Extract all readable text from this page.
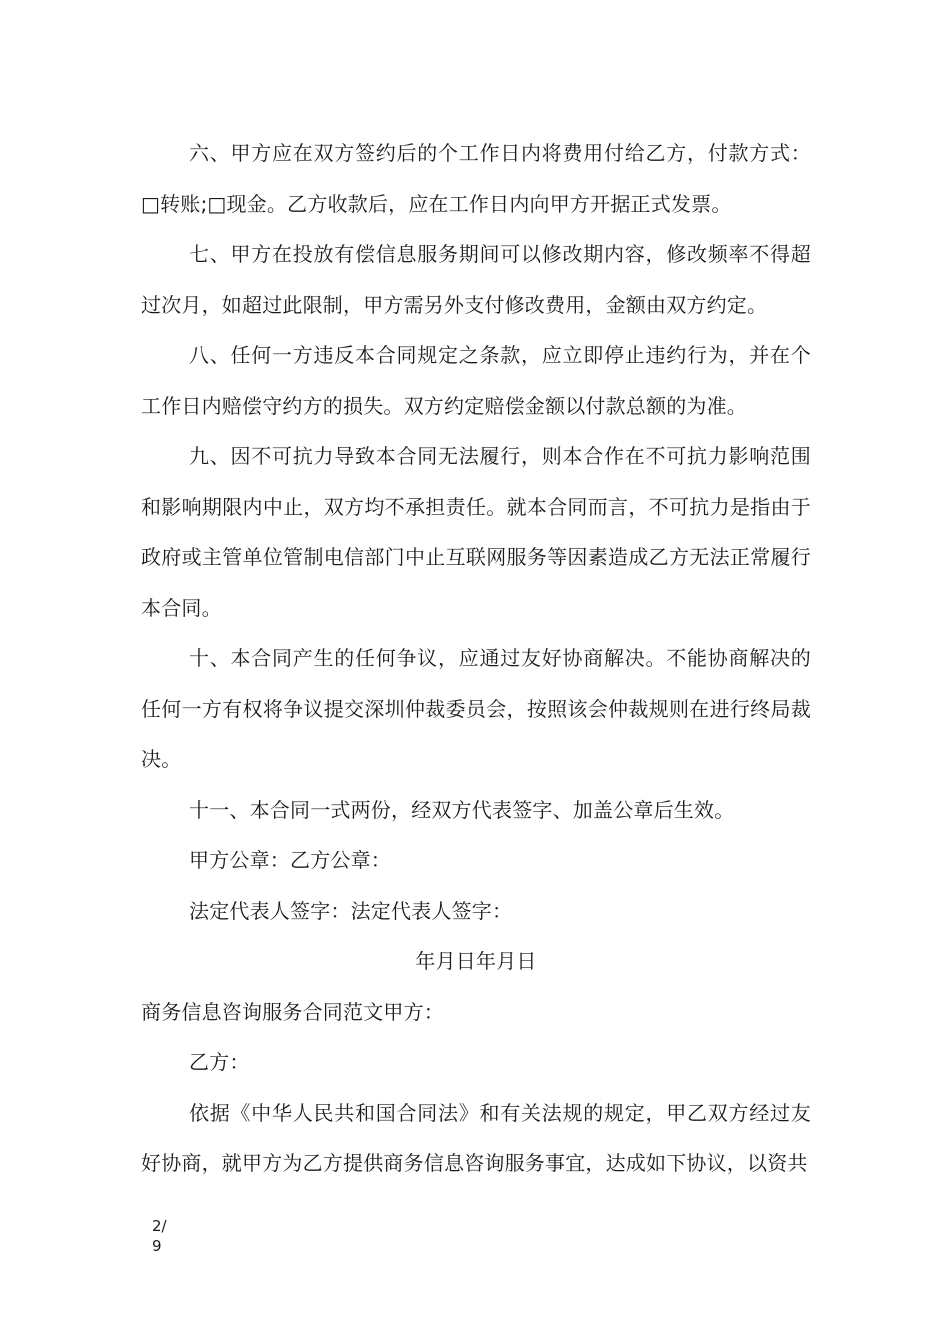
六、甲方应在双方签约后的个工作日内将费用付给乙方，付款方式：□转账;□现金。乙方收款后，应在工作日内向甲方开据正式发票。

七、甲方在投放有偿信息服务期间可以修改期内容，修改频率不得超过次月，如超过此限制，甲方需另外支付修改费用，金额由双方约定。

八、任何一方违反本合同规定之条款，应立即停止违约行为，并在个工作日内赔偿守约方的损失。双方约定赔偿金额以付款总额的为准。

九、因不可抗力导致本合同无法履行，则本合作在不可抗力影响范围和影响期限内中止，双方均不承担责任。就本合同而言，不可抗力是指由于政府或主管单位管制电信部门中止互联网服务等因素造成乙方无法正常履行本合同。

十、本合同产生的任何争议，应通过友好协商解决。不能协商解决的任何一方有权将争议提交深圳仲裁委员会，按照该会仲裁规则在进行终局裁决。

十一、本合同一式两份，经双方代表签字、加盖公章后生效。

甲方公章：乙方公章：

法定代表人签字：法定代表人签字：

年月日年月日

商务信息咨询服务合同范文甲方：

乙方：

依据《中华人民共和国合同法》和有关法规的规定，甲乙双方经过友好协商，就甲方为乙方提供商务信息咨询服务事宜，达成如下协议，以资共

2/9
